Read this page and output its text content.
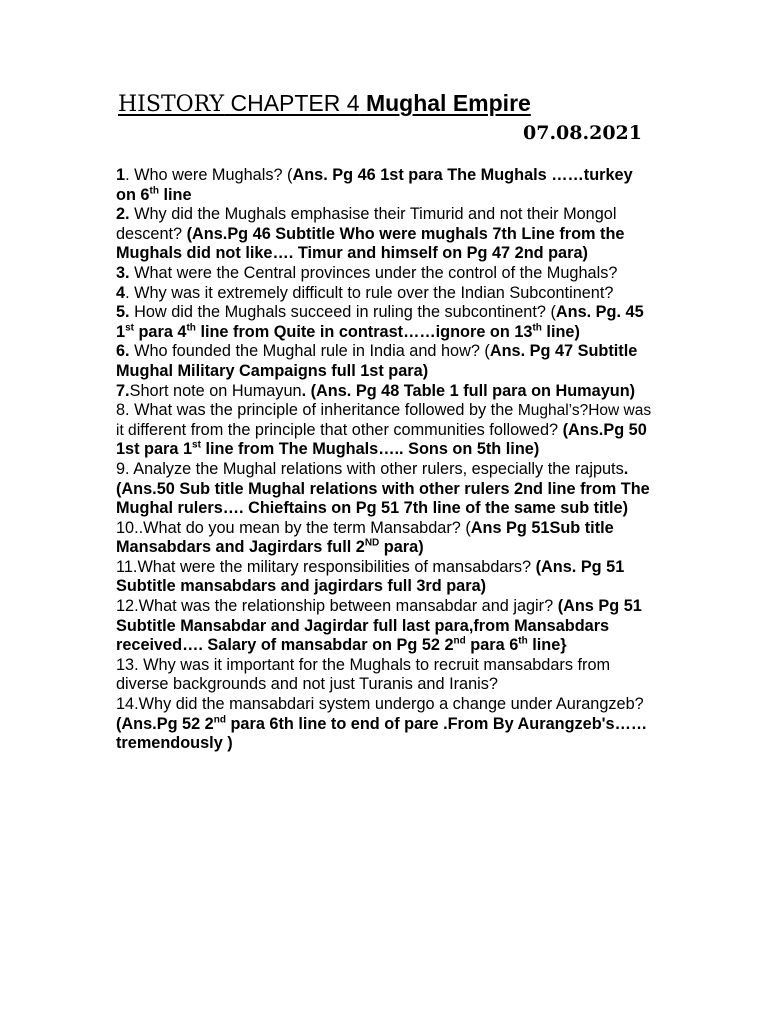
HISTORY CHAPTER 4 Mughal Empire
07.08.2021
1. Who were Mughals? (Ans. Pg 46 1st para The Mughals ……turkey on 6th line
2. Why did the Mughals emphasise their Timurid and not their Mongol descent? (Ans.Pg 46 Subtitle Who were mughals 7th Line from the Mughals did not like…. Timur and himself on Pg 47 2nd para)
3. What were the Central provinces under the control of the Mughals?
4. Why was it extremely difficult to rule over the Indian Subcontinent?
5. How did the Mughals succeed in ruling the subcontinent? (Ans. Pg. 45 1st para 4th line from Quite in contrast……ignore on 13th line)
6. Who founded the Mughal rule in India and how? (Ans. Pg 47 Subtitle Mughal Military Campaigns full 1st para)
7.Short note on Humayun. (Ans. Pg 48 Table 1 full para on Humayun)
8. What was the principle of inheritance followed by the Mughal’s?How was it different from the principle that other communities followed? (Ans.Pg 50 1st para 1st line from The Mughals….. Sons on 5th line)
9. Analyze the Mughal relations with other rulers, especially the rajputs.(Ans.50 Sub title Mughal relations with other rulers 2nd line from The Mughal rulers…. Chieftains on Pg 51 7th line of the same sub title)
10..What do you mean by the term Mansabdar? (Ans Pg 51Sub title Mansabdars and Jagirdars full 2ND para)
11.What were the military responsibilities of mansabdars? (Ans. Pg 51 Subtitle mansabdars and jagirdars full 3rd para)
12.What was the relationship between mansabdar and jagir? (Ans Pg 51 Subtitle Mansabdar and Jagirdar full last para,from Mansabdars received…. Salary of mansabdar on Pg 52 2nd para 6th line}
13. Why was it important for the Mughals to recruit mansabdars from diverse backgrounds and not just Turanis and Iranis?
14.Why did the mansabdari system undergo a change under Aurangzeb? (Ans.Pg 52 2nd para 6th line to end of pare .From By Aurangzeb's……tremendously )
